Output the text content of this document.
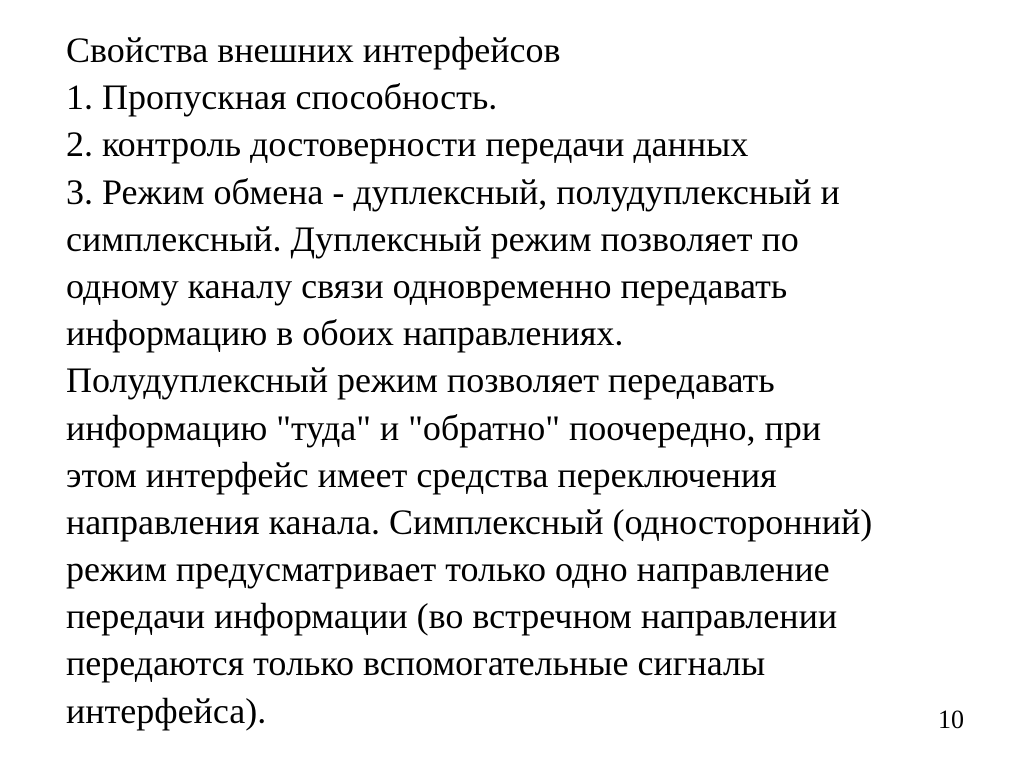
Свойства внешних интерфейсов
1. Пропускная способность.
2. контроль достоверности передачи данных
3. Режим обмена - дуплексный, полудуплексный и
симплексный. Дуплексный режим позволяет по
одному каналу связи одновременно передавать
информацию в обоих направлениях.
Полудуплексный режим позволяет передавать
информацию "туда" и "обратно" поочередно, при
этом интерфейс имеет средства переключения
направления канала. Симплексный (односторонний)
режим предусматривает только одно направление
передачи информации (во встречном направлении
передаются только вспомогательные сигналы
интерфейса).	10
